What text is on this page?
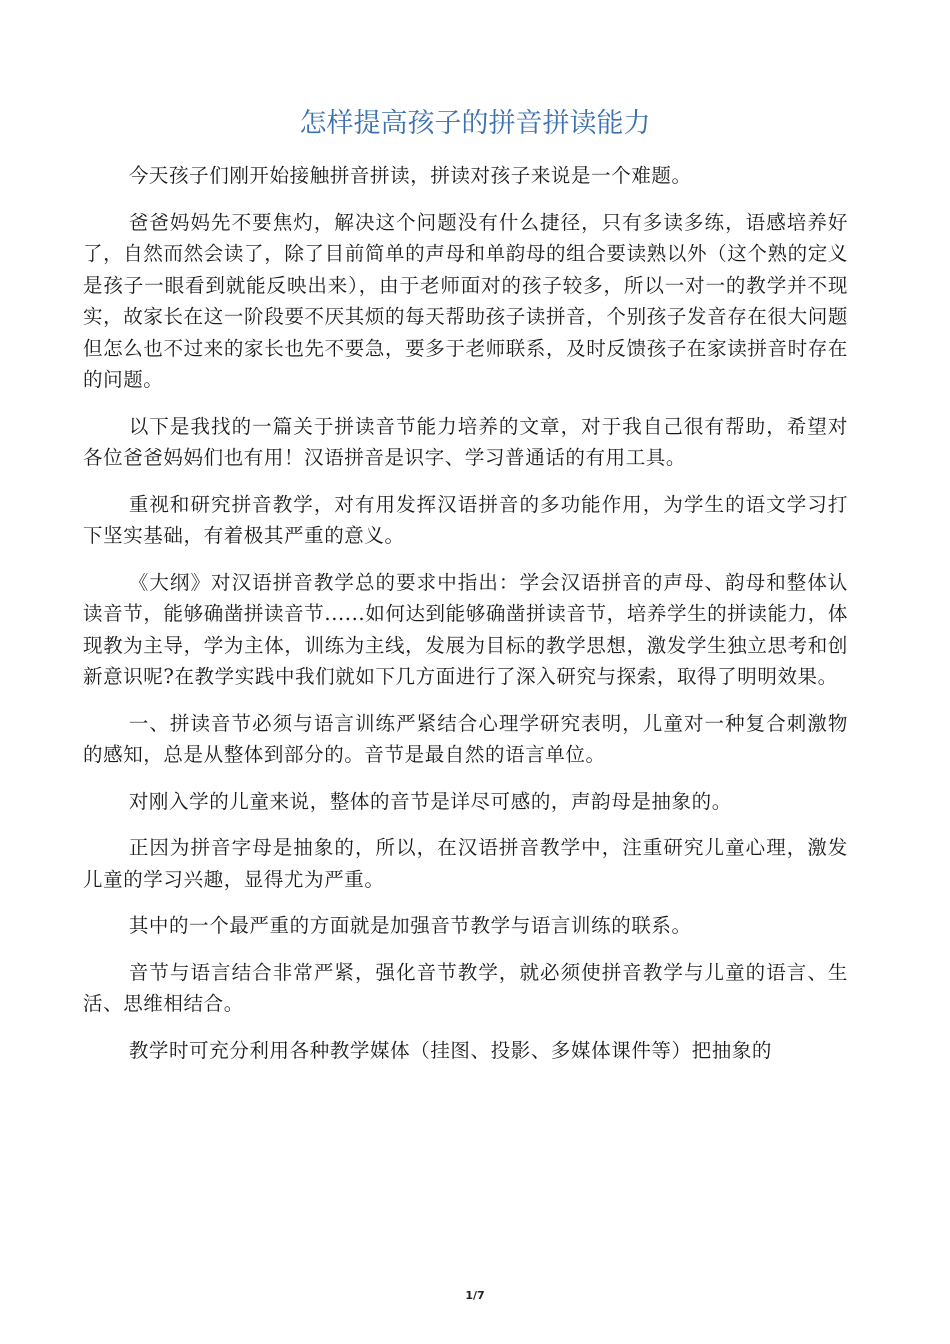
怎样提高孩子的拼音拼读能力

今天孩子们刚开始接触拼音拼读，拼读对孩子来说是一个难题。

爸爸妈妈先不要焦灼，解决这个问题没有什么捷径，只有多读多练，语感培养好了，自然而然会读了，除了目前简单的声母和单韵母的组合要读熟以外（这个熟的定义是孩子一眼看到就能反映出来），由于老师面对的孩子较多，所以一对一的教学并不现实，故家长在这一阶段要不厌其烦的每天帮助孩子读拼音，个别孩子发音存在很大问题但怎么也不过来的家长也先不要急，要多于老师联系，及时反馈孩子在家读拼音时存在的问题。

以下是我找的一篇关于拼读音节能力培养的文章，对于我自己很有帮助，希望对各位爸爸妈妈们也有用！汉语拼音是识字、学习普通话的有用工具。

重视和研究拼音教学，对有用发挥汉语拼音的多功能作用，为学生的语文学习打下坚实基础，有着极其严重的意义。

《大纲》对汉语拼音教学总的要求中指出：学会汉语拼音的声母、韵母和整体认读音节，能够确凿拼读音节......如何达到能够确凿拼读音节，培养学生的拼读能力，体现教为主导，学为主体，训练为主线，发展为目标的教学思想，激发学生独立思考和创新意识呢?在教学实践中我们就如下几方面进行了深入研究与探索，取得了明明效果。

一、拼读音节必须与语言训练严紧结合心理学研究表明，儿童对一种复合刺激物的感知，总是从整体到部分的。音节是最自然的语言单位。

对刚入学的儿童来说，整体的音节是详尽可感的，声韵母是抽象的。

正因为拼音字母是抽象的，所以，在汉语拼音教学中，注重研究儿童心理，激发儿童的学习兴趣，显得尤为严重。

其中的一个最严重的方面就是加强音节教学与语言训练的联系。

音节与语言结合非常严紧，强化音节教学，就必须使拼音教学与儿童的语言、生活、思维相结合。

教学时可充分利用各种教学媒体（挂图、投影、多媒体课件等）把抽象的

1/7
